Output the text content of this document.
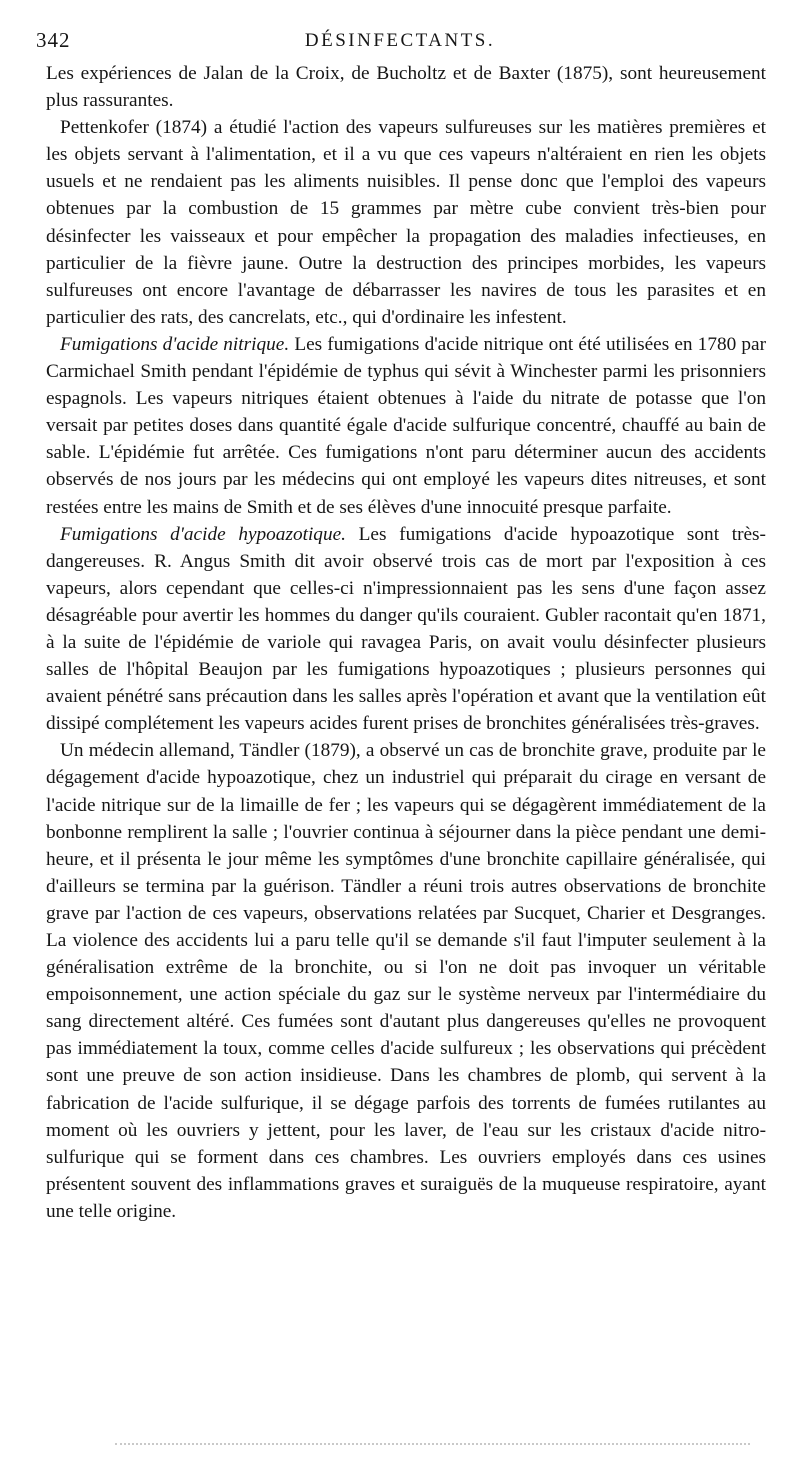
342	DÉSINFECTANTS.

Les expériences de Jalan de la Croix, de Bucholtz et de Baxter (1875), sont heureusement plus rassurantes.

Pettenkofer (1874) a étudié l'action des vapeurs sulfureuses sur les matières premières et les objets servant à l'alimentation, et il a vu que ces vapeurs n'altéraient en rien les objets usuels et ne rendaient pas les aliments nuisibles. Il pense donc que l'emploi des vapeurs obtenues par la combustion de 15 grammes par mètre cube convient très-bien pour désinfecter les vaisseaux et pour empêcher la propagation des maladies infectieuses, en particulier de la fièvre jaune. Outre la destruction des principes morbides, les vapeurs sulfureuses ont encore l'avantage de débarrasser les navires de tous les parasites et en particulier des rats, des cancrelats, etc., qui d'ordinaire les infestent.

Fumigations d'acide nitrique. Les fumigations d'acide nitrique ont été utilisées en 1780 par Carmichael Smith pendant l'épidémie de typhus qui sévit à Winchester parmi les prisonniers espagnols. Les vapeurs nitriques étaient obtenues à l'aide du nitrate de potasse que l'on versait par petites doses dans quantité égale d'acide sulfurique concentré, chauffé au bain de sable. L'épidémie fut arrêtée. Ces fumigations n'ont paru déterminer aucun des accidents observés de nos jours par les médecins qui ont employé les vapeurs dites nitreuses, et sont restées entre les mains de Smith et de ses élèves d'une innocuité presque parfaite.

Fumigations d'acide hypoazotique. Les fumigations d'acide hypoazotique sont très-dangereuses. R. Angus Smith dit avoir observé trois cas de mort par l'exposition à ces vapeurs, alors cependant que celles-ci n'impressionnaient pas les sens d'une façon assez désagréable pour avertir les hommes du danger qu'ils couraient. Gubler racontait qu'en 1871, à la suite de l'épidémie de variole qui ravagea Paris, on avait voulu désinfecter plusieurs salles de l'hôpital Beaujon par les fumigations hypoazotiques ; plusieurs personnes qui avaient pénétré sans précaution dans les salles après l'opération et avant que la ventilation eût dissipé complétement les vapeurs acides furent prises de bronchites généralisées très-graves.

Un médecin allemand, Tändler (1879), a observé un cas de bronchite grave, produite par le dégagement d'acide hypoazotique, chez un industriel qui préparait du cirage en versant de l'acide nitrique sur de la limaille de fer ; les vapeurs qui se dégagèrent immédiatement de la bonbonne remplirent la salle ; l'ouvrier continua à séjourner dans la pièce pendant une demi-heure, et il présenta le jour même les symptômes d'une bronchite capillaire généralisée, qui d'ailleurs se termina par la guérison. Tändler a réuni trois autres observations de bronchite grave par l'action de ces vapeurs, observations relatées par Sucquet, Charier et Desgranges. La violence des accidents lui a paru telle qu'il se demande s'il faut l'imputer seulement à la généralisation extrême de la bronchite, ou si l'on ne doit pas invoquer un véritable empoisonnement, une action spéciale du gaz sur le système nerveux par l'intermédiaire du sang directement altéré. Ces fumées sont d'autant plus dangereuses qu'elles ne provoquent pas immédiatement la toux, comme celles d'acide sulfureux ; les observations qui précèdent sont une preuve de son action insidieuse. Dans les chambres de plomb, qui servent à la fabrication de l'acide sulfurique, il se dégage parfois des torrents de fumées rutilantes au moment où les ouvriers y jettent, pour les laver, de l'eau sur les cristaux d'acide nitro-sulfurique qui se forment dans ces chambres. Les ouvriers employés dans ces usines présentent souvent des inflammations graves et suraiguës de la muqueuse respiratoire, ayant une telle origine.
